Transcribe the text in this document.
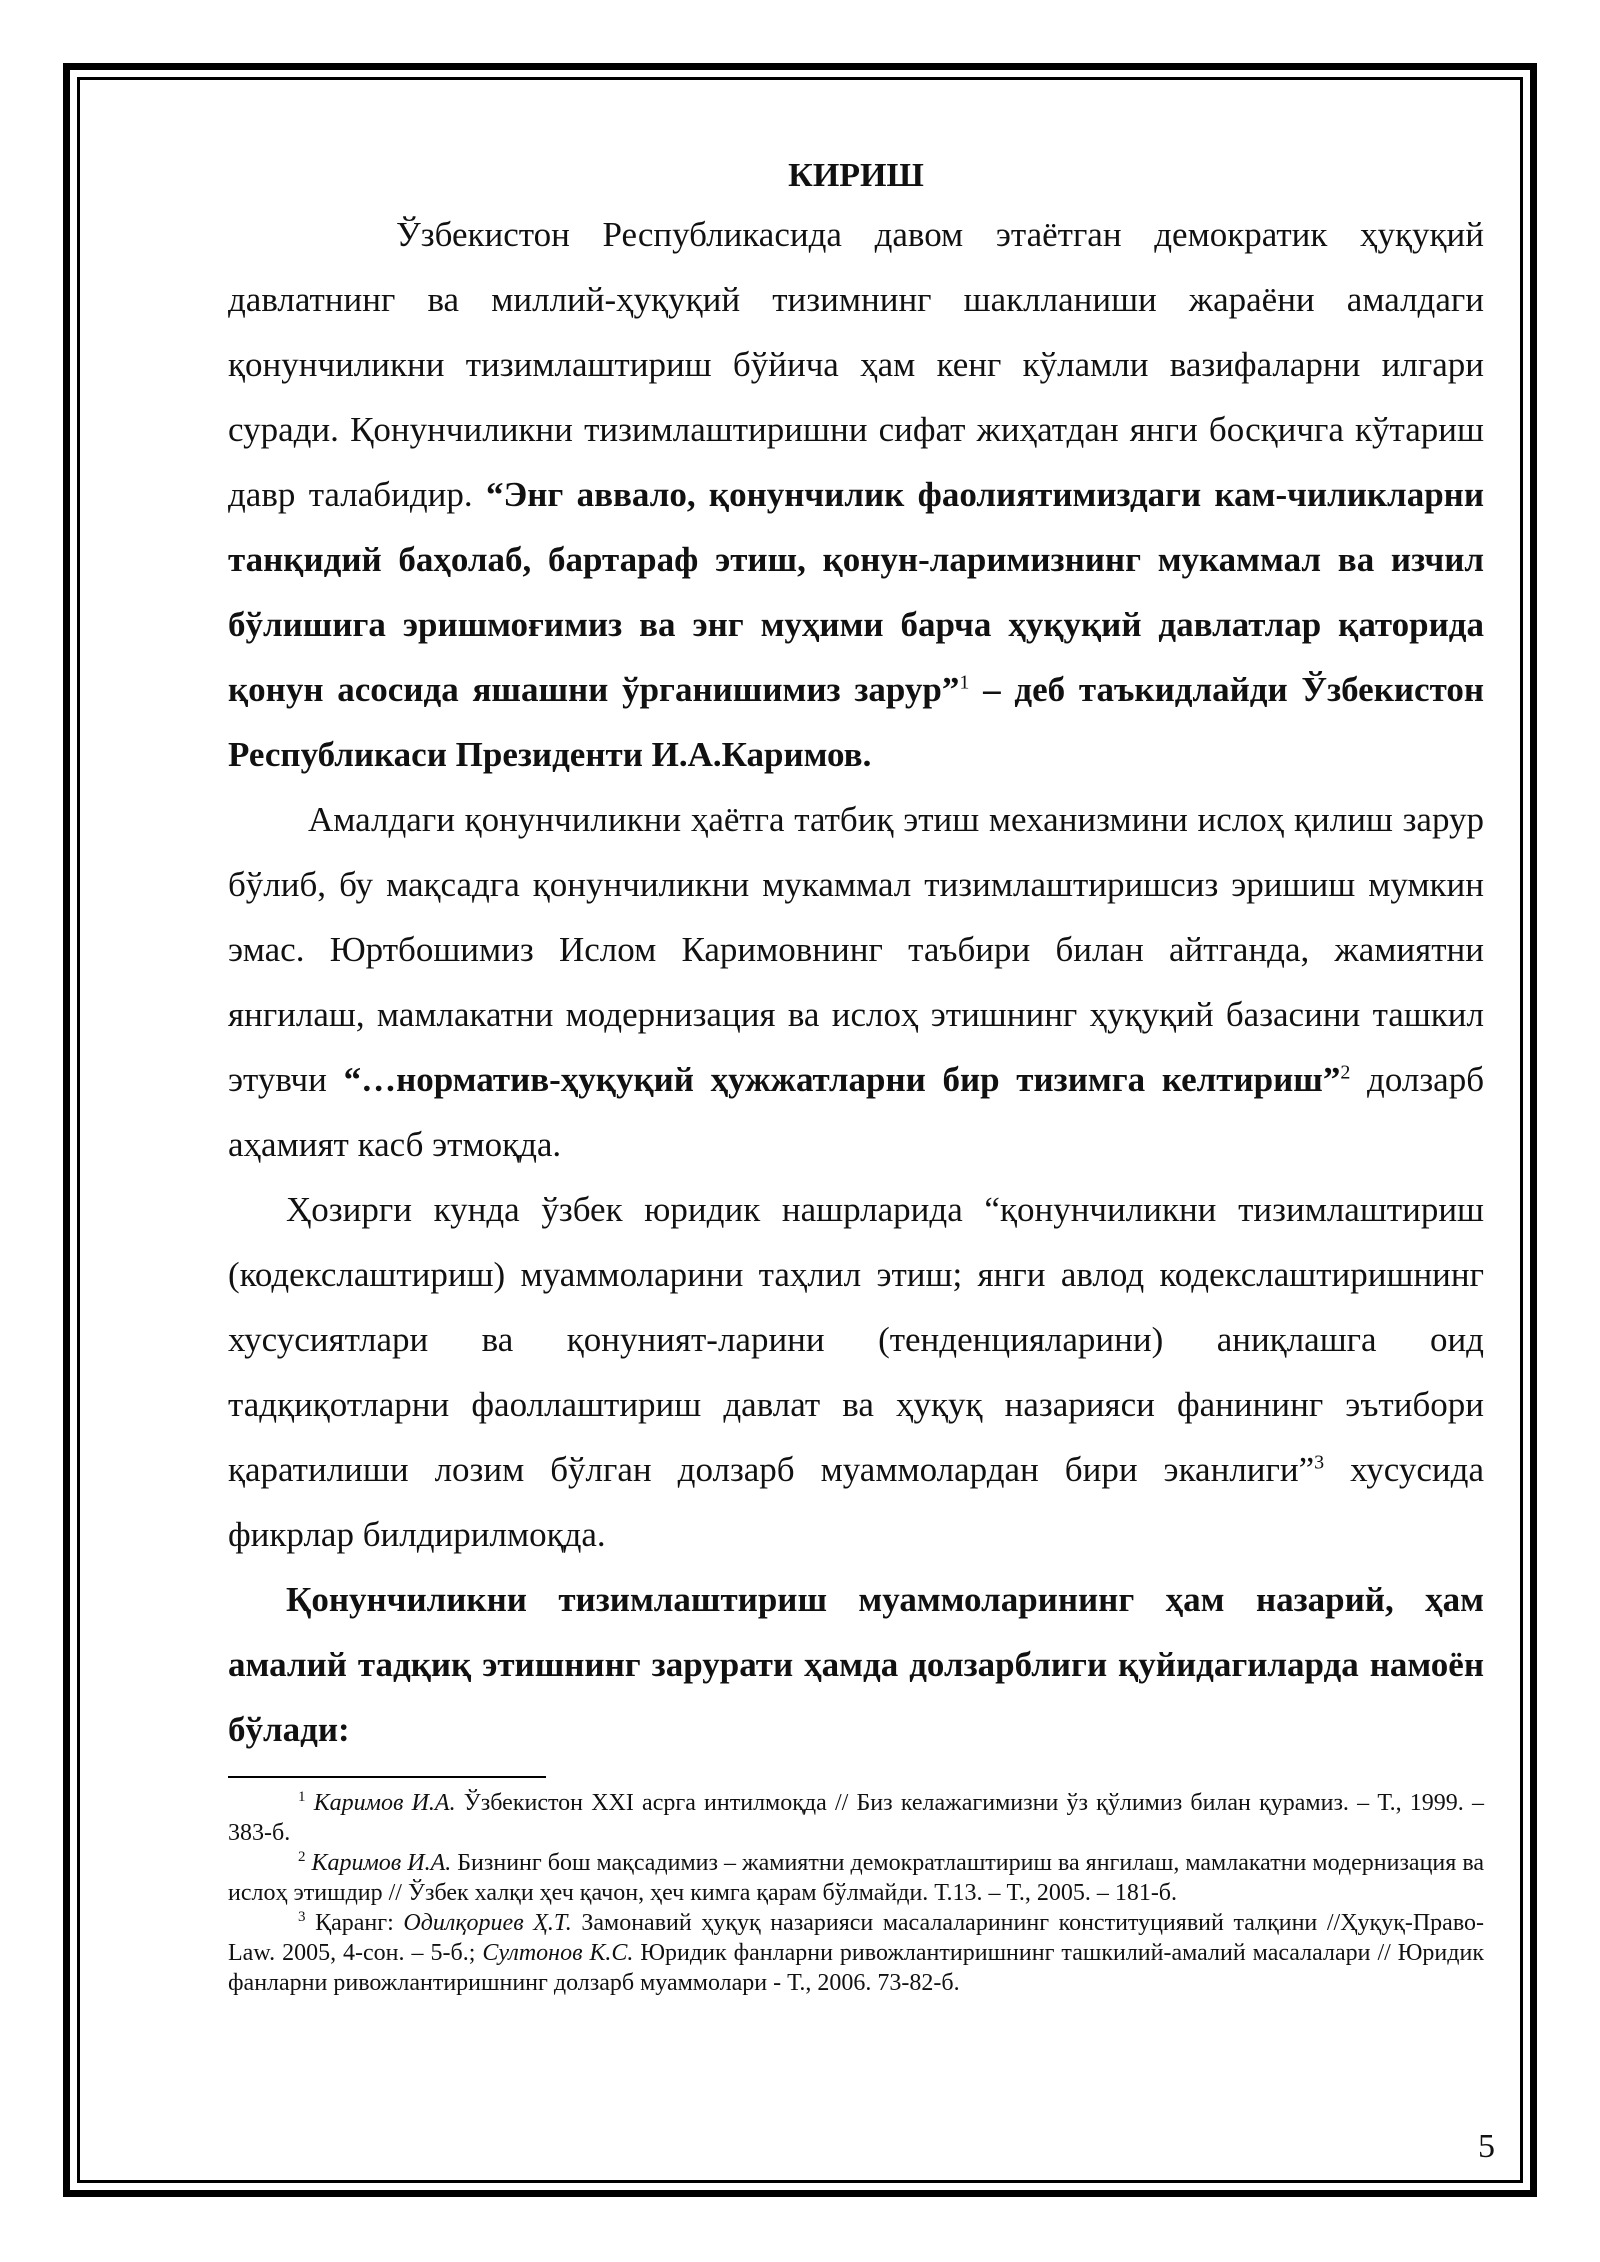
КИРИШ

Ўзбекистон Республикасида давом этаётган демократик ҳуқуқий давлатнинг ва миллий-ҳуқуқий тизимнинг шаклланиши жараёни амалдаги қонунчиликни тизимлаштириш бўйича ҳам кенг кўламли вазифаларни илгари суради. Қонунчиликни тизимлаштиришни сифат жиҳатдан янги босқичга кўтариш давр талабидир. “Энг аввало, қонунчилик фаолиятимиздаги кам-чиликларни танқидий баҳолаб, бартараф этиш, қонун-ларимизнинг мукаммал ва изчил бўлишига эришмоғимиз ва энг муҳими барча ҳуқуқий давлатлар қаторида қонун асосида яшашни ўрганишимиз зарур”$^1$ – деб таъкидлайди Ўзбекистон Республикаси Президенти И.А.Каримов.

Амалдаги қонунчиликни ҳаётга татбиқ этиш механизмини ислоҳ қилиш зарур бўлиб, бу мақсадга қонунчиликни мукаммал тизимлаштиришсиз эришиш мумкин эмас. Юртбошимиз Ислом Каримовнинг таъбири билан айтганда, жамиятни янгилаш, мамлакатни модернизация ва ислоҳ этишнинг ҳуқуқий базасини ташкил этувчи “…норматив-ҳуқуқий ҳужжатларни бир тизимга келтириш”$^2$ долзарб аҳамият касб этмоқда.

Ҳозирги кунда ўзбек юридик нашрларида “қонунчиликни тизимлаштириш (кодекслаштириш) муаммоларини таҳлил этиш; янги авлод кодекслаштиришнинг хусусиятлари ва қонуният-ларини (тенденцияларини) аниқлашга оид тадқиқотларни фаоллаштириш давлат ва ҳуқуқ назарияси фанининг эътибори қаратилиши лозим бўлган долзарб муаммолардан бири эканлиги”$^3$ хусусида фикрлар билдирилмоқда.

Қонунчиликни тизимлаштириш муаммоларининг ҳам назарий, ҳам амалий тадқиқ этишнинг зарурати ҳамда долзарблиги қуйидагиларда намоён бўлади:

$^1$ Каримов И.А. Ўзбекистон XXI асрга интилмоқда // Биз келажагимизни ўз қўлимиз билан қурамиз. – Т., 1999. – 383-б.

$^2$ Каримов И.А. Бизнинг бош мақсадимиз – жамиятни демократлаштириш ва янгилаш, мамлакатни модернизация ва ислоҳ этишдир // Ўзбек халқи ҳеч қачон, ҳеч кимга қарам бўлмайди. Т.13. – Т., 2005. – 181-б.

$^3$ Қаранг: Одилқориев Ҳ.Т. Замонавий ҳуқуқ назарияси масалаларининг конституциявий талқини //Ҳуқуқ-Право-Law. 2005, 4-сон. – 5-б.; Султонов К.С. Юридик фанларни ривожлантиришнинг ташкилий-амалий масалалари // Юридик фанларни ривожлантиришнинг долзарб муаммолари - Т., 2006. 73-82-б.

5
